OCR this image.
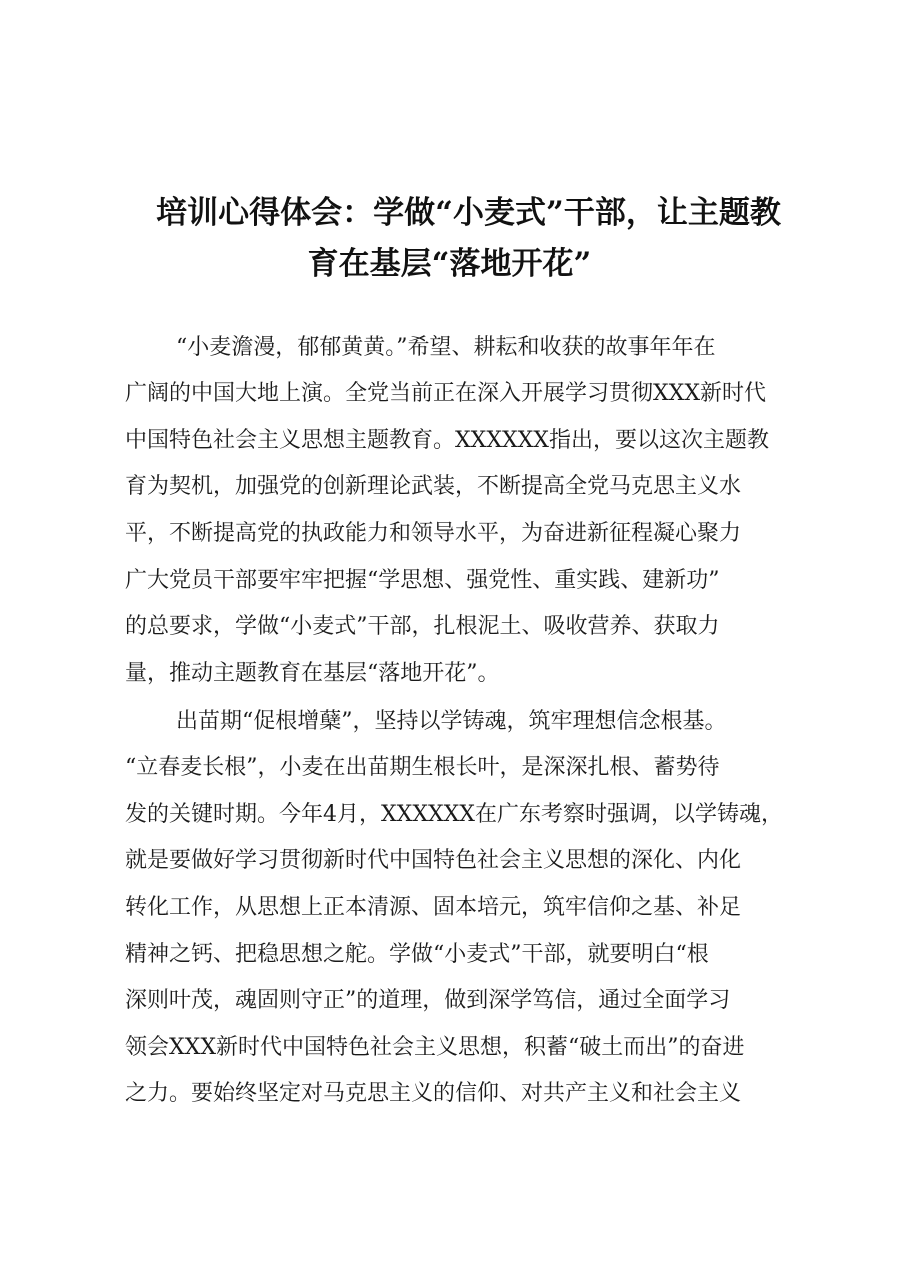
培训心得体会：学做“小麦式”干部，让主题教
育在基层“落地开花”
“小麦澹漫，郁郁黄黄。”希望、耕耘和收获的故事年年在
广阔的中国大地上演。全党当前正在深入开展学习贯彻XXX新时代
中国特色社会主义思想主题教育。XXXXXX指出，要以这次主题教
育为契机，加强党的创新理论武装，不断提高全党马克思主义水
平，不断提高党的执政能力和领导水平，为奋进新征程凝心聚力
广大党员干部要牢牢把握“学思想、强党性、重实践、建新功”
的总要求，学做“小麦式”干部，扎根泥土、吸收营养、获取力
量，推动主题教育在基层“落地开花”。
出苗期“促根增蘖”，坚持以学铸魂，筑牢理想信念根基。
“立春麦长根”，小麦在出苗期生根长叶，是深深扎根、蓄势待
发的关键时期。今年4月，XXXXXX在广东考察时强调，以学铸魂，
就是要做好学习贯彻新时代中国特色社会主义思想的深化、内化
转化工作，从思想上正本清源、固本培元，筑牢信仰之基、补足
精神之钙、把稳思想之舵。学做“小麦式”干部，就要明白“根
深则叶茂，魂固则守正”的道理，做到深学笃信，通过全面学习
领会XXX新时代中国特色社会主义思想，积蓄“破土而出”的奋进
之力。要始终坚定对马克思主义的信仰、对共产主义和社会主义
